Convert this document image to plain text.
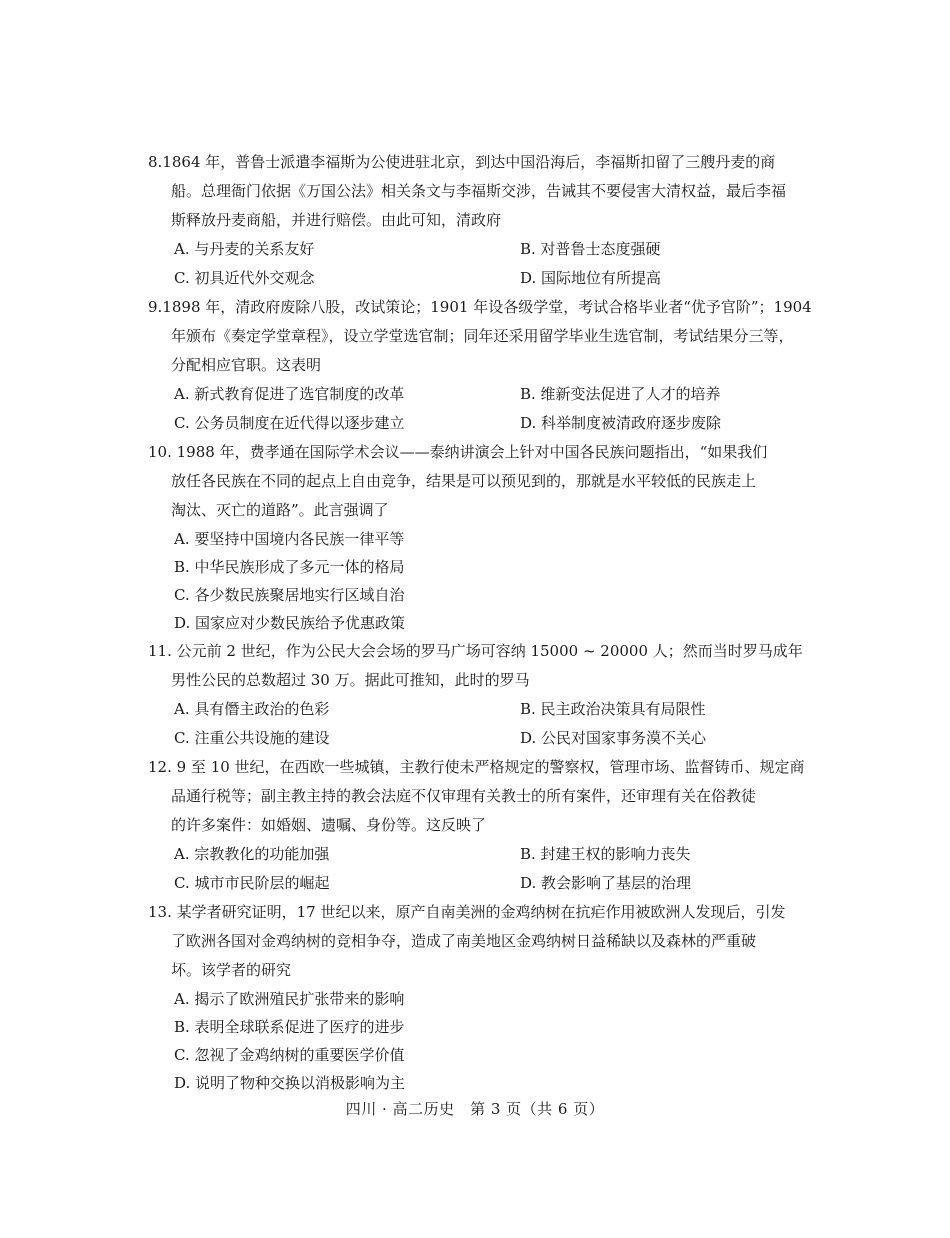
8.1864 年，普鲁士派遣李福斯为公使进驻北京，到达中国沿海后，李福斯扣留了三艘丹麦的商
船。总理衙门依据《万国公法》相关条文与李福斯交涉，告诫其不要侵害大清权益，最后李福
斯释放丹麦商船，并进行赔偿。由此可知，清政府
A. 与丹麦的关系友好	B. 对普鲁士态度强硬
C. 初具近代外交观念	D. 国际地位有所提高
9.1898 年，清政府废除八股，改试策论；1901 年设各级学堂，考试合格毕业者“优予官阶”；1904
年颁布《奏定学堂章程》，设立学堂选官制；同年还采用留学毕业生选官制，考试结果分三等，
分配相应官职。这表明
A. 新式教育促进了选官制度的改革	B. 维新变法促进了人才的培养
C. 公务员制度在近代得以逐步建立	D. 科举制度被清政府逐步废除
10. 1988 年，费孝通在国际学术会议——泰纳讲演会上针对中国各民族问题指出，“如果我们
放任各民族在不同的起点上自由竞争，结果是可以预见到的，那就是水平较低的民族走上
淘汰、灭亡的道路”。此言强调了
A. 要坚持中国境内各民族一律平等
B. 中华民族形成了多元一体的格局
C. 各少数民族聚居地实行区域自治
D. 国家应对少数民族给予优惠政策
11. 公元前 2 世纪，作为公民大会会场的罗马广场可容纳 15000 ~ 20000 人；然而当时罗马成年
男性公民的总数超过 30 万。据此可推知，此时的罗马
A. 具有僭主政治的色彩	B. 民主政治决策具有局限性
C. 注重公共设施的建设	D. 公民对国家事务漠不关心
12. 9 至 10 世纪，在西欧一些城镇，主教行使未严格规定的警察权，管理市场、监督铸币、规定商
品通行税等；副主教主持的教会法庭不仅审理有关教士的所有案件，还审理有关在俗教徒
的许多案件：如婚姻、遗嘱、身份等。这反映了
A. 宗教教化的功能加强	B. 封建王权的影响力丧失
C. 城市市民阶层的崛起	D. 教会影响了基层的治理
13. 某学者研究证明，17 世纪以来，原产自南美洲的金鸡纳树在抗疟作用被欧洲人发现后，引发
了欧洲各国对金鸡纳树的竞相争夺，造成了南美地区金鸡纳树日益稀缺以及森林的严重破
坏。该学者的研究
A. 揭示了欧洲殖民扩张带来的影响
B. 表明全球联系促进了医疗的进步
C. 忽视了金鸡纳树的重要医学价值
D. 说明了物种交换以消极影响为主
四川 · 高二历史　第 3 页（共 6 页）
